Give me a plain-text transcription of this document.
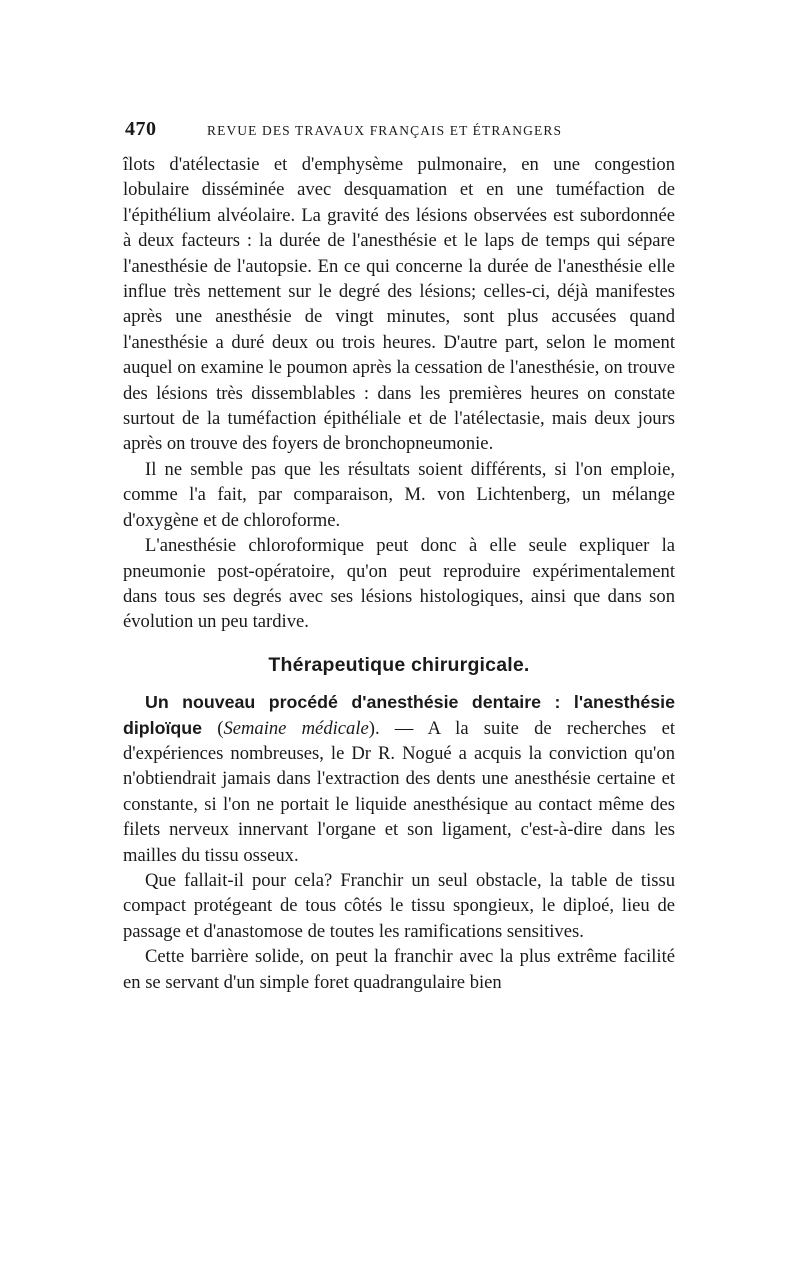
470	REVUE DES TRAVAUX FRANÇAIS ET ÉTRANGERS

îlots d'atélectasie et d'emphysème pulmonaire, en une congestion lobulaire disséminée avec desquamation et en une tuméfaction de l'épithélium alvéolaire. La gravité des lésions observées est subordonnée à deux facteurs : la durée de l'anesthésie et le laps de temps qui sépare l'anesthésie de l'autopsie. En ce qui concerne la durée de l'anesthésie elle influe très nettement sur le degré des lésions; celles-ci, déjà manifestes après une anesthésie de vingt minutes, sont plus accusées quand l'anesthésie a duré deux ou trois heures. D'autre part, selon le moment auquel on examine le poumon après la cessation de l'anesthésie, on trouve des lésions très dissemblables : dans les premières heures on constate surtout de la tuméfaction épithéliale et de l'atélectasie, mais deux jours après on trouve des foyers de bronchopneumonie.

Il ne semble pas que les résultats soient différents, si l'on emploie, comme l'a fait, par comparaison, M. von Lichtenberg, un mélange d'oxygène et de chloroforme.

L'anesthésie chloroformique peut donc à elle seule expliquer la pneumonie post-opératoire, qu'on peut reproduire expérimentalement dans tous ses degrés avec ses lésions histologiques, ainsi que dans son évolution un peu tardive.

Thérapeutique chirurgicale.

Un nouveau procédé d'anesthésie dentaire : l'anesthésie diploïque (Semaine médicale). — A la suite de recherches et d'expériences nombreuses, le Dr R. Nogué a acquis la conviction qu'on n'obtiendrait jamais dans l'extraction des dents une anesthésie certaine et constante, si l'on ne portait le liquide anesthésique au contact même des filets nerveux innervant l'organe et son ligament, c'est-à-dire dans les mailles du tissu osseux.

Que fallait-il pour cela? Franchir un seul obstacle, la table de tissu compact protégeant de tous côtés le tissu spongieux, le diploé, lieu de passage et d'anastomose de toutes les ramifications sensitives.

Cette barrière solide, on peut la franchir avec la plus extrême facilité en se servant d'un simple foret quadrangulaire bien
